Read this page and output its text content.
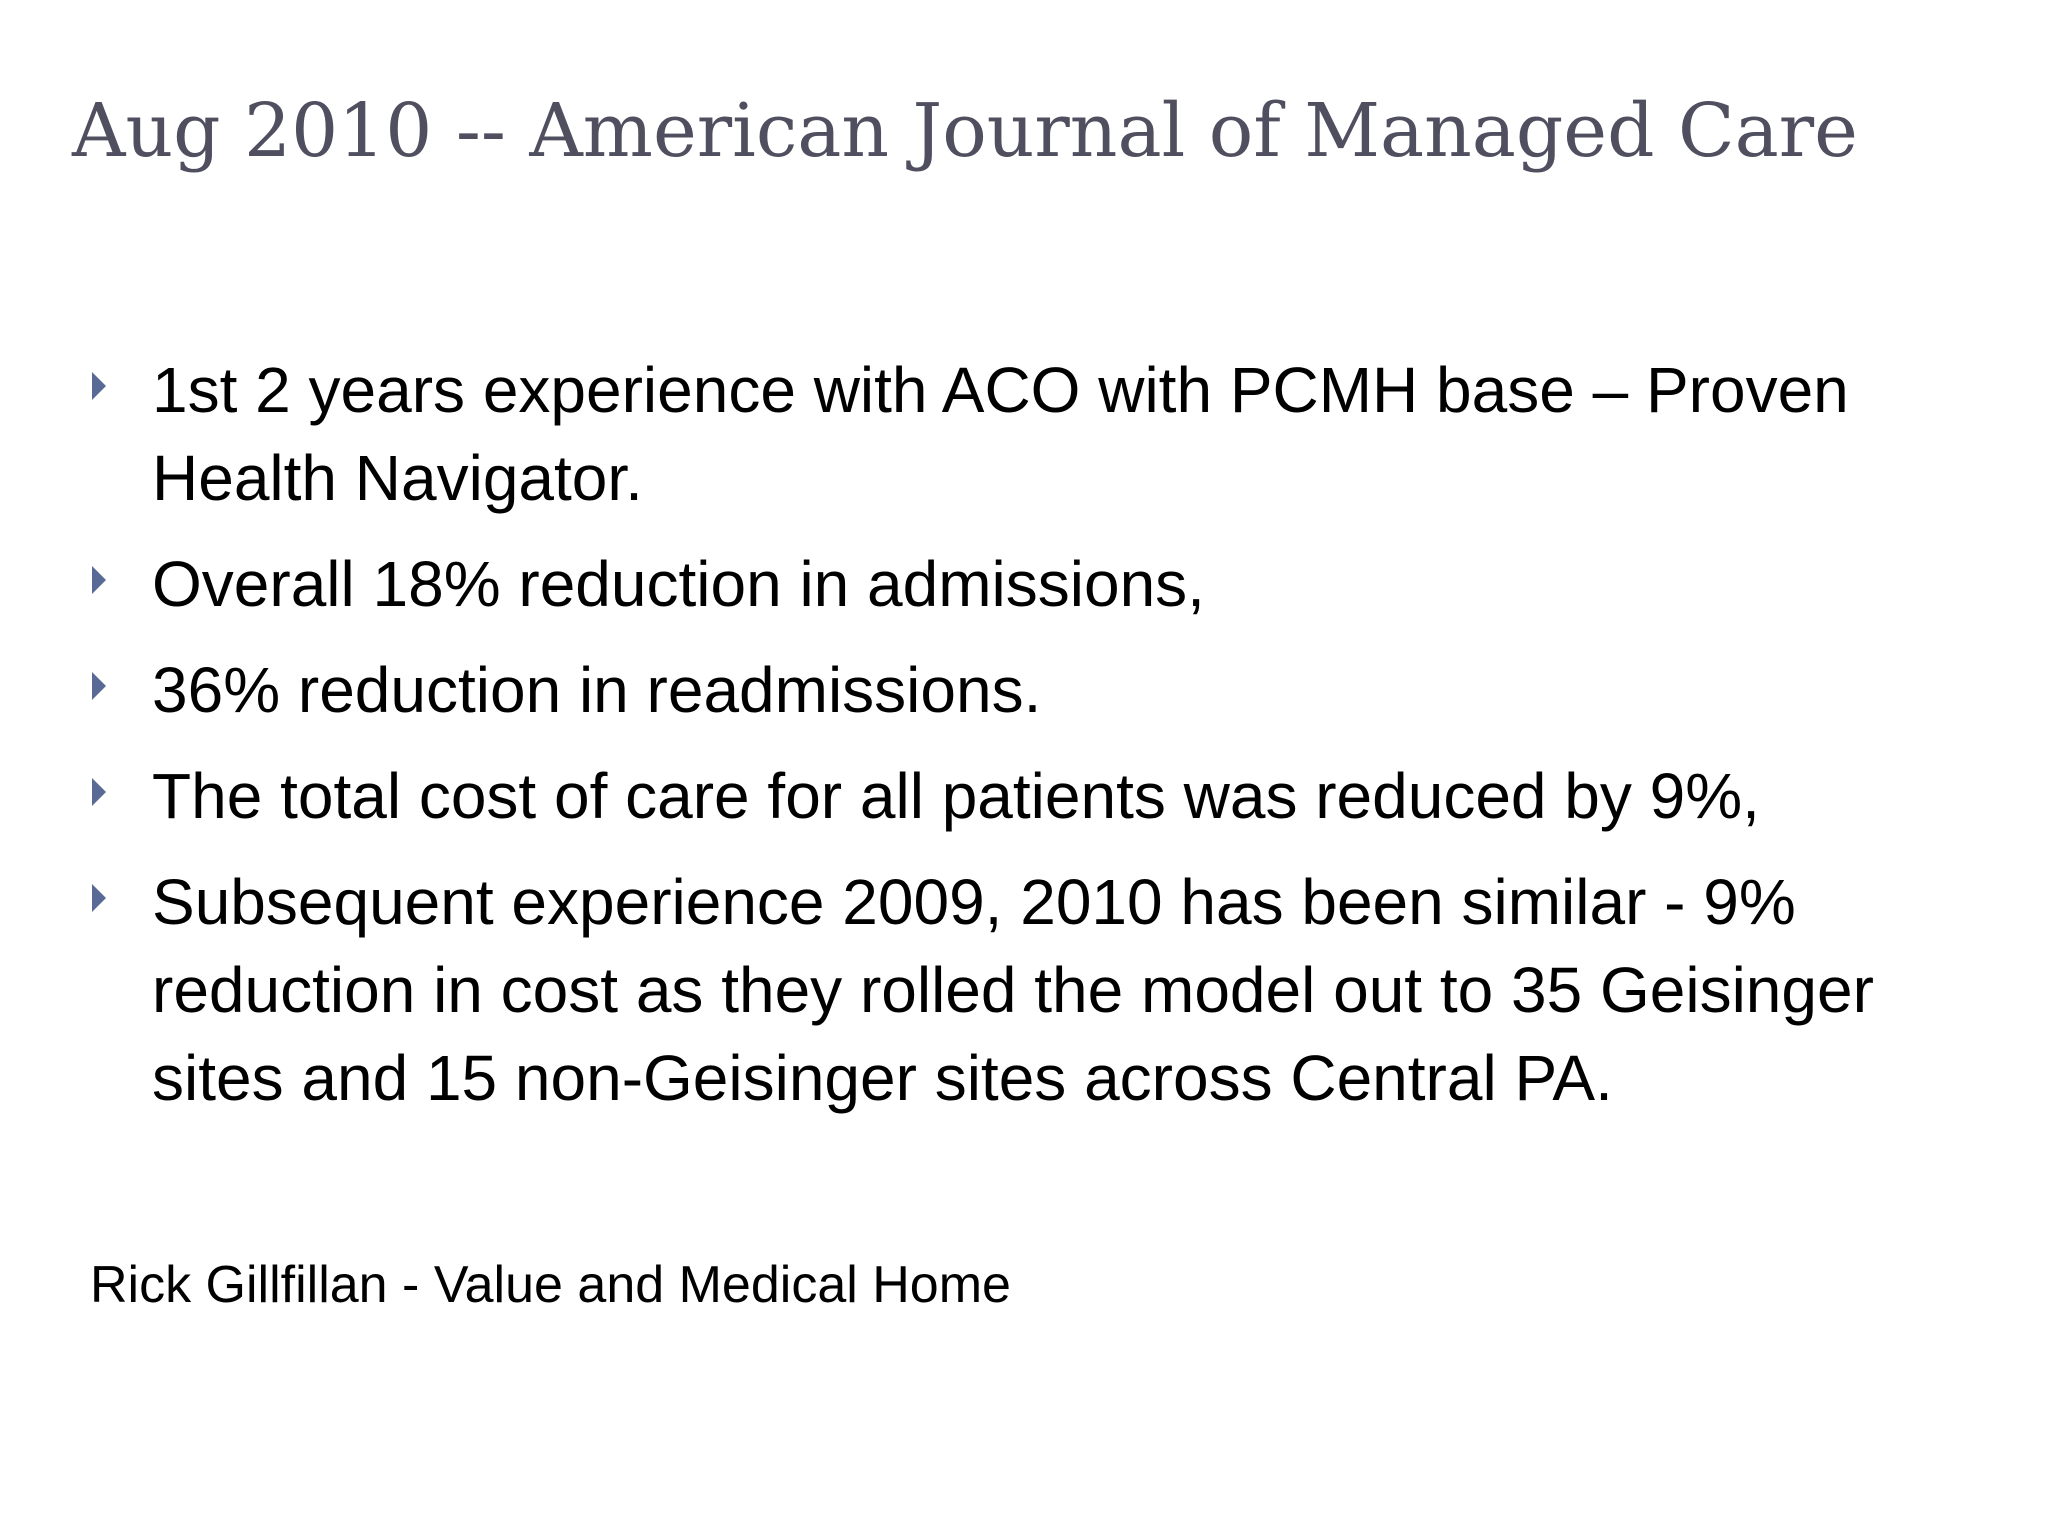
Aug 2010 -- American Journal of Managed Care
1st 2 years experience with ACO with PCMH base – Proven Health Navigator.
Overall 18% reduction in admissions,
36% reduction in readmissions.
The total cost of care for all patients was reduced by 9%,
Subsequent experience 2009, 2010 has been similar - 9% reduction in cost as they rolled the model out to 35 Geisinger sites and 15 non-Geisinger sites across Central PA.

Rick Gillfillan - Value and Medical Home
